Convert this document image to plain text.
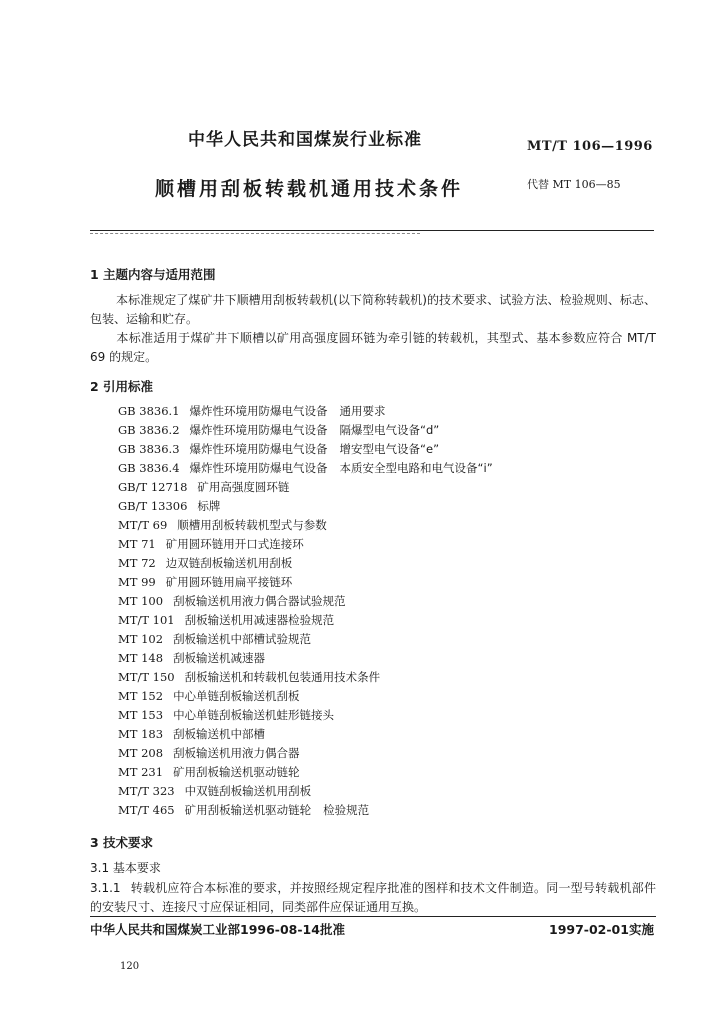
中华人民共和国煤炭行业标准	MT/T 106—1996
顺槽用刮板转载机通用技术条件	代替 MT 106—85
1 主题内容与适用范围
本标准规定了煤矿井下顺槽用刮板转载机(以下简称转载机)的技术要求、试验方法、检验规则、标志、包装、运输和贮存。
本标准适用于煤矿井下顺槽以矿用高强度圆环链为牵引链的转载机，其型式、基本参数应符合 MT/T 69 的规定。
2 引用标准
GB 3836.1 爆炸性环境用防爆电气设备 通用要求
GB 3836.2 爆炸性环境用防爆电气设备 隔爆型电气设备“d”
GB 3836.3 爆炸性环境用防爆电气设备 增安型电气设备“e”
GB 3836.4 爆炸性环境用防爆电气设备 本质安全型电路和电气设备“i”
GB/T 12718 矿用高强度圆环链
GB/T 13306 标牌
MT/T 69 顺槽用刮板转载机型式与参数
MT 71 矿用圆环链用开口式连接环
MT 72 边双链刮板输送机用刮板
MT 99 矿用圆环链用扁平接链环
MT 100 刮板输送机用液力偶合器试验规范
MT/T 101 刮板输送机用减速器检验规范
MT 102 刮板输送机中部槽试验规范
MT 148 刮板输送机减速器
MT/T 150 刮板输送机和转载机包装通用技术条件
MT 152 中心单链刮板输送机刮板
MT 153 中心单链刮板输送机蛙形链接头
MT 183 刮板输送机中部槽
MT 208 刮板输送机用液力偶合器
MT 231 矿用刮板输送机驱动链轮
MT/T 323 中双链刮板输送机用刮板
MT/T 465 矿用刮板输送机驱动链轮 检验规范
3 技术要求
3.1 基本要求
3.1.1 转载机应符合本标准的要求，并按照经规定程序批准的图样和技术文件制造。同一型号转载机部件的安装尺寸、连接尺寸应保证相同，同类部件应保证通用互换。
中华人民共和国煤炭工业部1996-08-14批准	1997-02-01实施
120
